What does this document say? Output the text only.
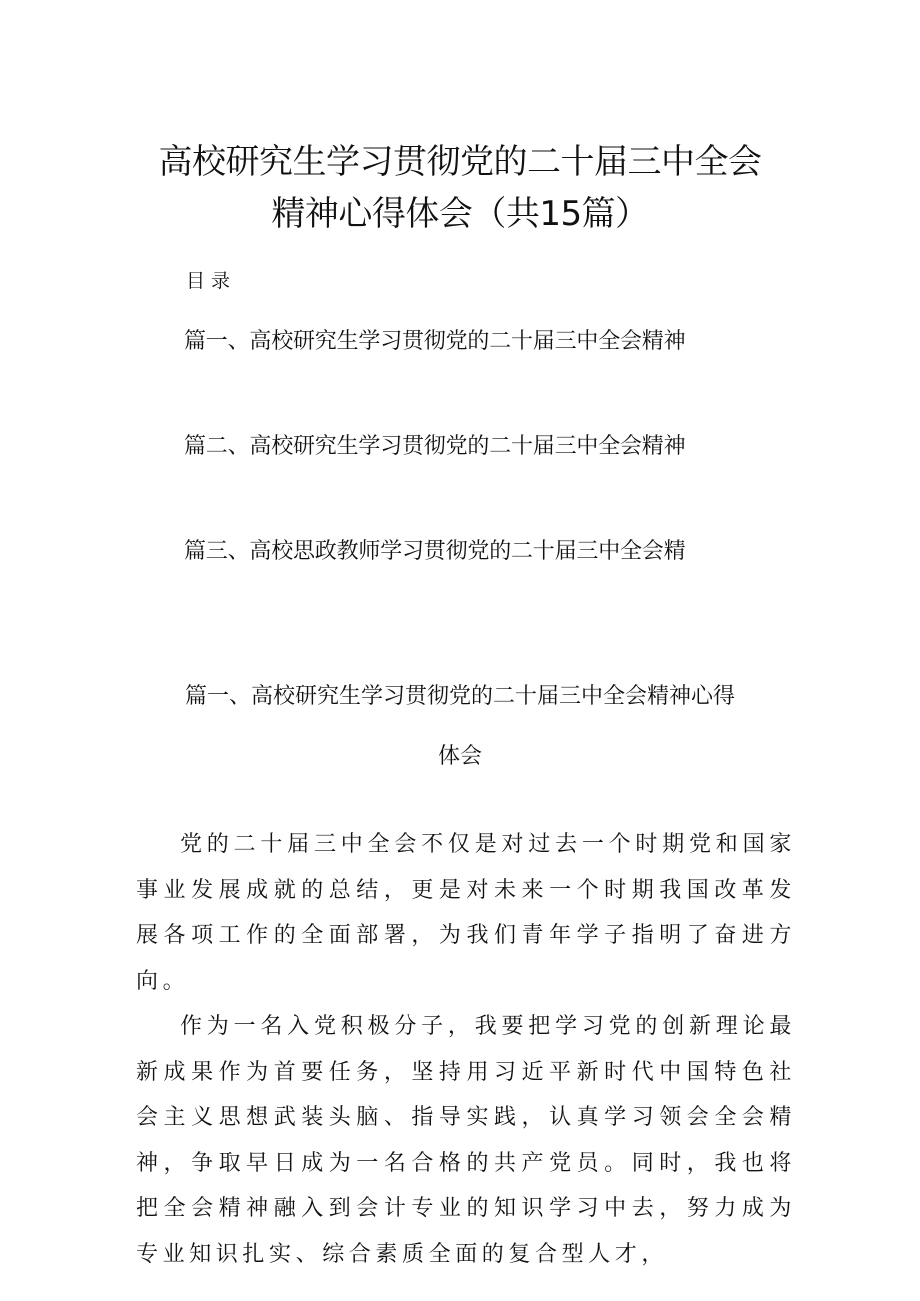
高校研究生学习贯彻党的二十届三中全会
精神心得体会（共15篇）
目录
篇一、高校研究生学习贯彻党的二十届三中全会精神
篇二、高校研究生学习贯彻党的二十届三中全会精神
篇三、高校思政教师学习贯彻党的二十届三中全会精
篇一、高校研究生学习贯彻党的二十届三中全会精神心得
体会

党的二十届三中全会不仅是对过去一个时期党和国家事业发展成就的总结，更是对未来一个时期我国改革发展各项工作的全面部署，为我们青年学子指明了奋进方向。

作为一名入党积极分子，我要把学习党的创新理论最新成果作为首要任务，坚持用习近平新时代中国特色社会主义思想武装头脑、指导实践，认真学习领会全会精神，争取早日成为一名合格的共产党员。同时，我也将把全会精神融入到会计专业的知识学习中去，努力成为专业知识扎实、综合素质全面的复合型人才，
